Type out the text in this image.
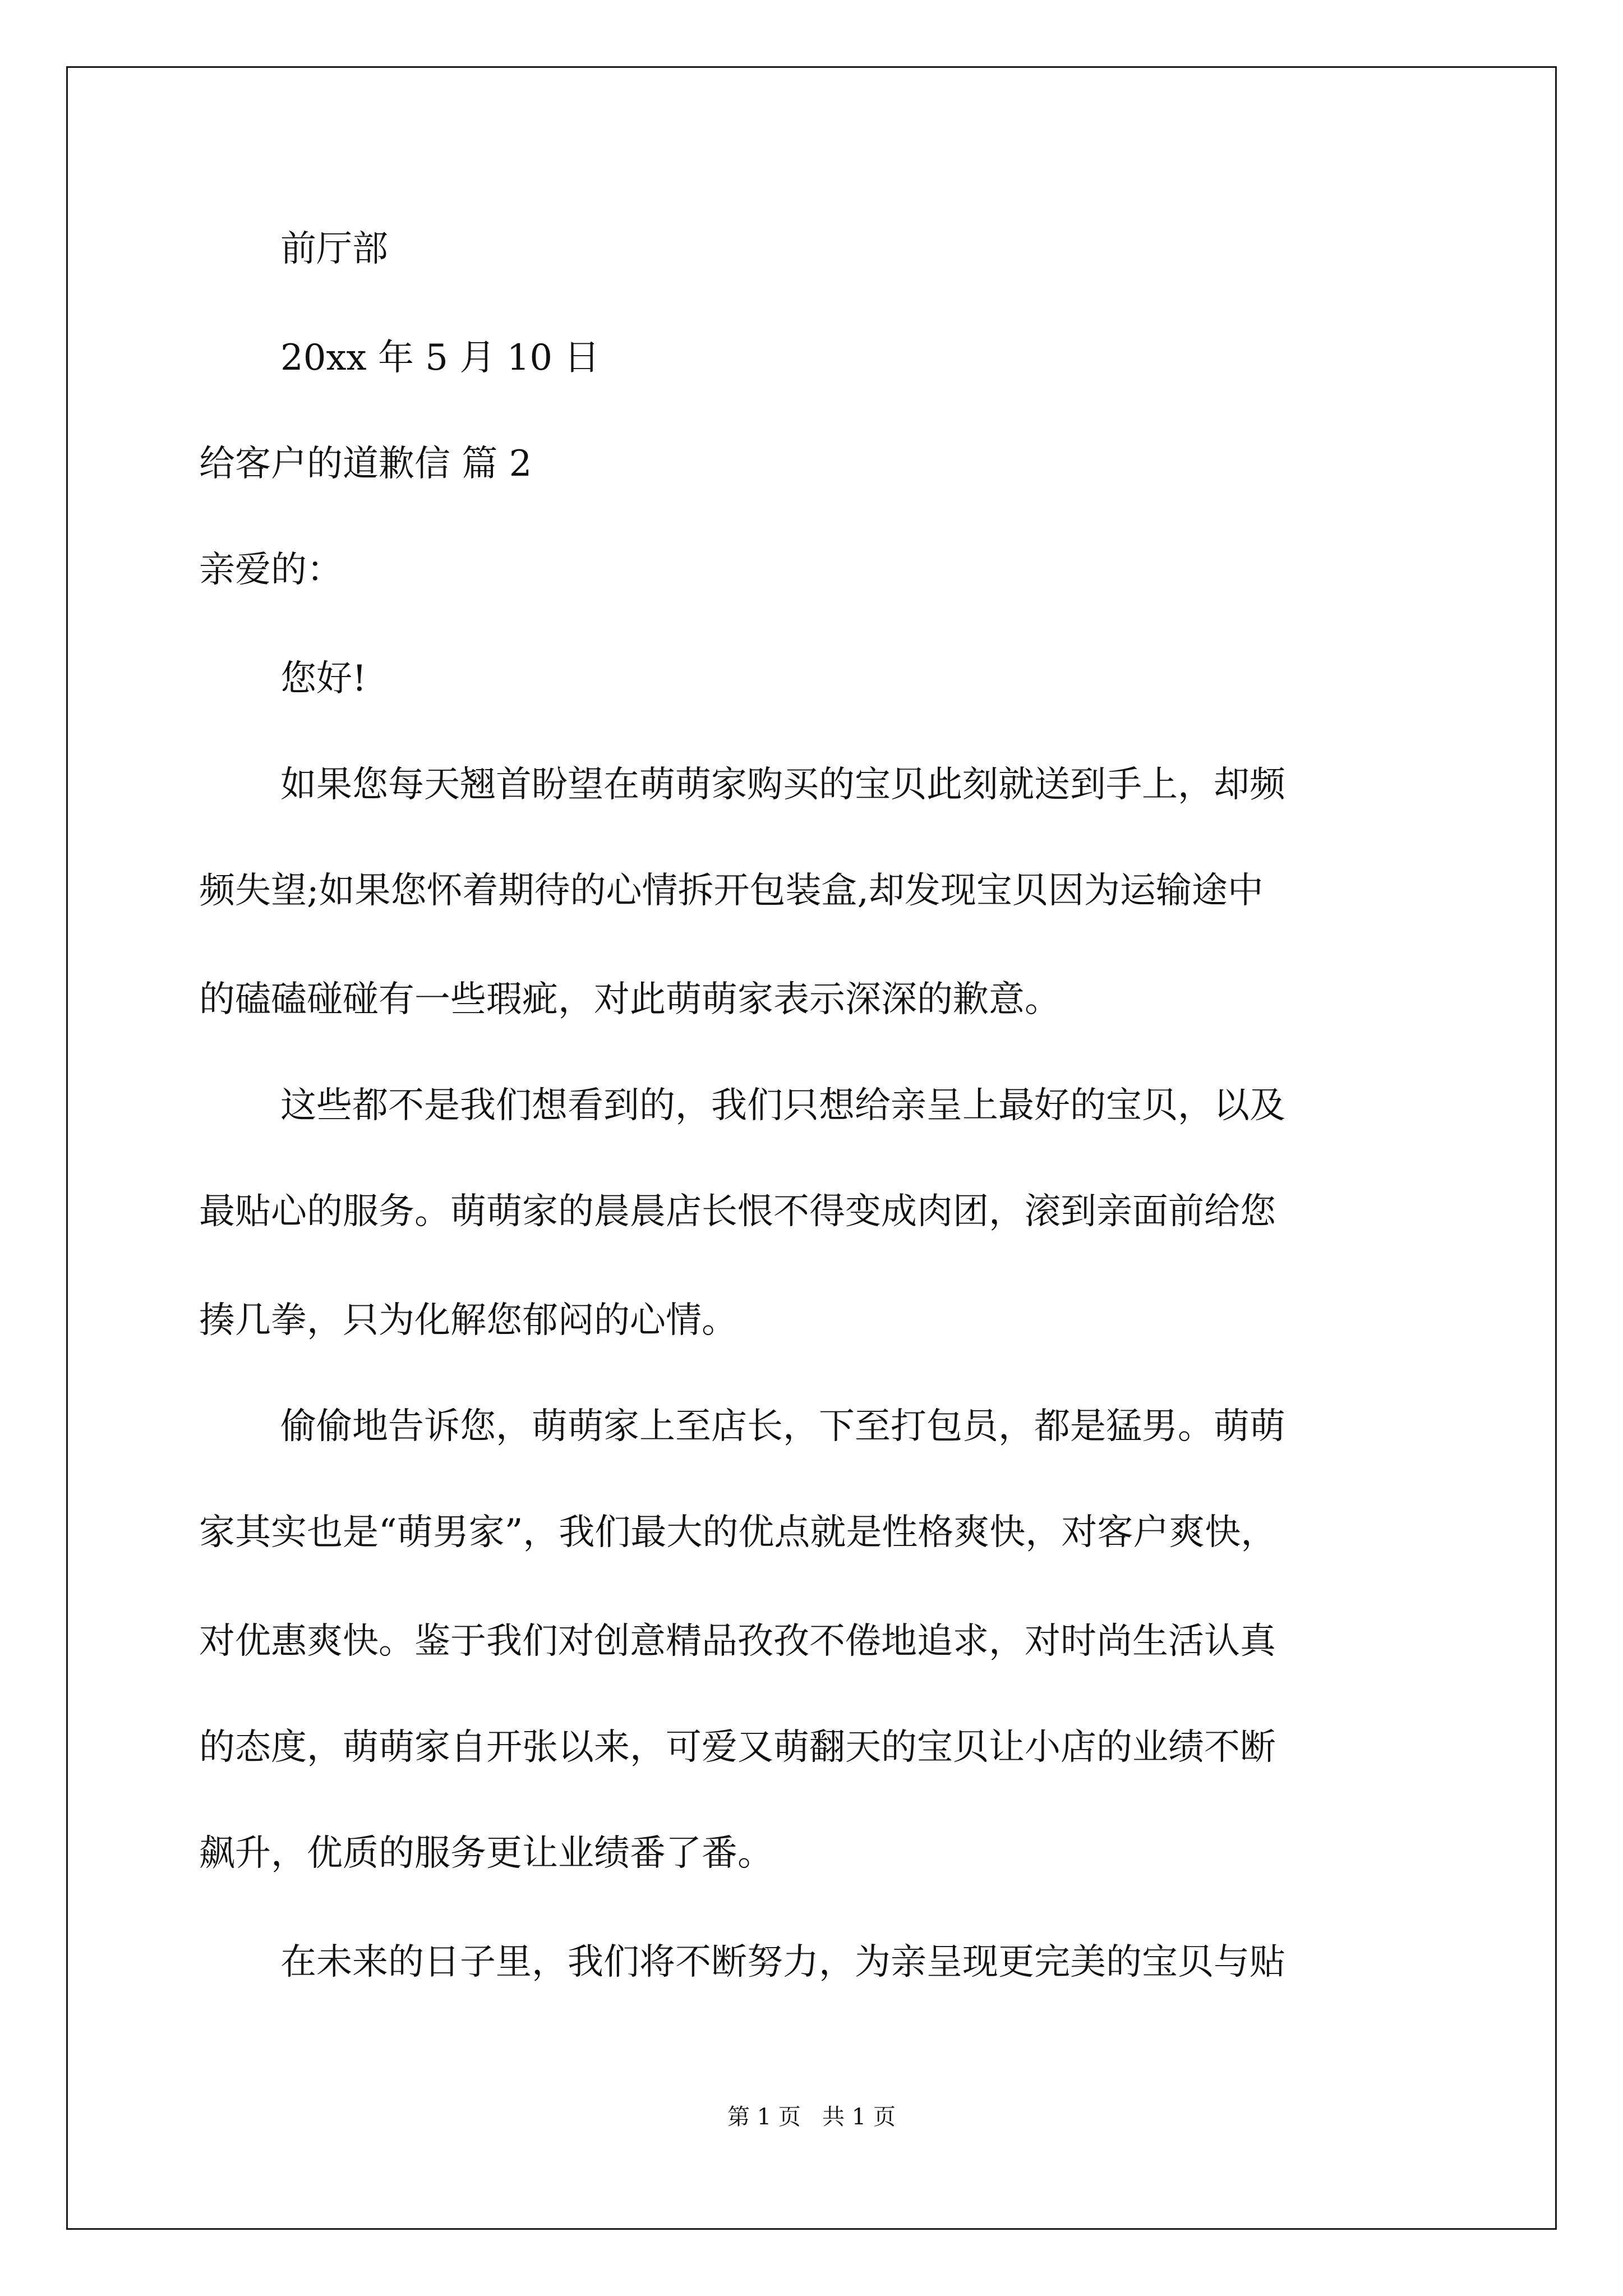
前厅部
20xx 年 5 月 10 日
给客户的道歉信 篇 2
亲爱的：
您好!
如果您每天翘首盼望在萌萌家购买的宝贝此刻就送到手上，却频
频失望;如果您怀着期待的心情拆开包装盒,却发现宝贝因为运输途中
的磕磕碰碰有一些瑕疵，对此萌萌家表示深深的歉意。
这些都不是我们想看到的，我们只想给亲呈上最好的宝贝，以及
最贴心的服务。萌萌家的晨晨店长恨不得变成肉团，滚到亲面前给您
揍几拳，只为化解您郁闷的心情。
偷偷地告诉您，萌萌家上至店长，下至打包员，都是猛男。萌萌
家其实也是“萌男家”，我们最大的优点就是性格爽快，对客户爽快，
对优惠爽快。鉴于我们对创意精品孜孜不倦地追求，对时尚生活认真
的态度，萌萌家自开张以来，可爱又萌翻天的宝贝让小店的业绩不断
飙升，优质的服务更让业绩番了番。
在未来的日子里，我们将不断努力，为亲呈现更完美的宝贝与贴
第 1 页   共 1 页
